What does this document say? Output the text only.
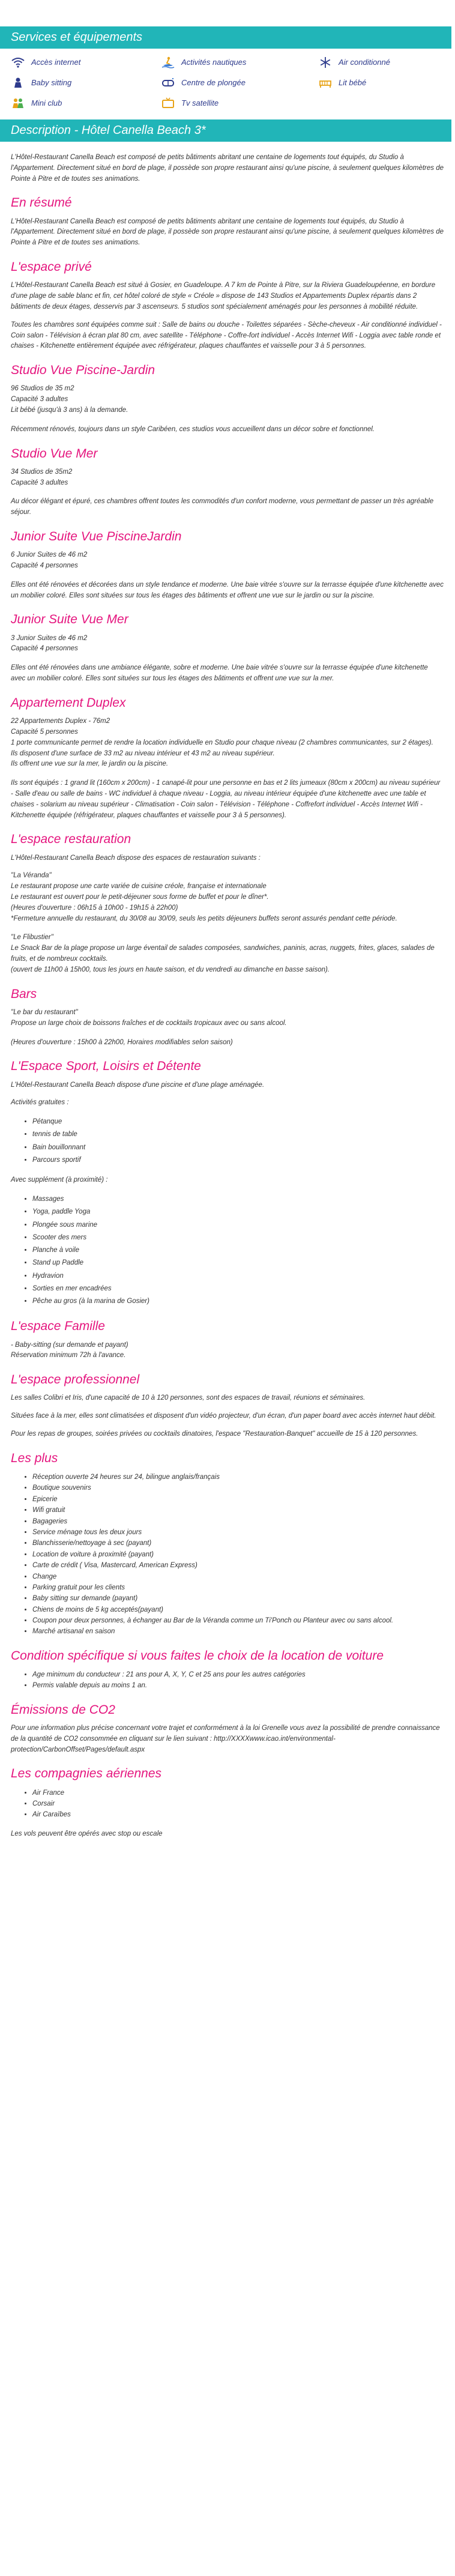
Services et équipements
Accès internet	Activités nautiques	Air conditionné
Baby sitting	Centre de plongée	Lit bébé
Mini club	Tv satellite
Description - Hôtel Canella Beach 3*

L'Hôtel-Restaurant Canella Beach est composé de petits bâtiments abritant une centaine de logements tout équipés, du Studio à l'Appartement. Directement situé en bord de plage, il possède son propre restaurant ainsi qu'une piscine, à seulement quelques kilomètres de Pointe à Pitre et de toutes ses animations.

En résumé

L'Hôtel-Restaurant Canella Beach est composé de petits bâtiments abritant une centaine de logements tout équipés, du Studio à l'Appartement. Directement situé en bord de plage, il possède son propre restaurant ainsi qu'une piscine, à seulement quelques kilomètres de Pointe à Pitre et de toutes ses animations.

L'espace privé

L'Hôtel-Restaurant Canella Beach est situé à Gosier, en Guadeloupe. A 7 km de Pointe à Pitre, sur la Riviera Guadeloupéenne, en bordure d'une plage de sable blanc et fin, cet hôtel coloré de style « Créole » dispose de 143 Studios et Appartements Duplex répartis dans 2 bâtiments de deux étages, desservis par 3 ascenseurs. 5 studios sont spécialement aménagés pour les personnes à mobilité réduite.

Toutes les chambres sont équipées comme suit : Salle de bains ou douche - Toilettes séparées - Sèche-cheveux - Air conditionné individuel - Coin salon - Télévision à écran plat 80 cm, avec satellite - Téléphone - Coffre-fort individuel - Accès Internet Wifi - Loggia avec table ronde et chaises - Kitchenette entièrement équipée avec réfrigérateur, plaques chauffantes et vaisselle pour 3 à 5 personnes.

Studio Vue Piscine-Jardin

96 Studios de 35 m2

Capacité 3 adultes

Lit bébé (jusqu'à 3 ans) à la demande.

Récemment rénovés, toujours dans un style Caribéen, ces studios vous accueillent dans un décor sobre et fonctionnel.

Studio Vue Mer

34 Studios de 35m2

Capacité 3 adultes

Au décor élégant et épuré, ces chambres offrent toutes les commodités d'un confort moderne, vous permettant de passer un très agréable séjour.

Junior Suite Vue PiscineJardin

6 Junior Suites de 46 m2

Capacité 4 personnes

Elles ont été rénovées et décorées dans un style tendance et moderne. Une baie vitrée s'ouvre sur la terrasse équipée d'une kitchenette avec un mobilier coloré. Elles sont situées sur tous les étages des bâtiments et offrent une vue sur le jardin ou sur la piscine.

Junior Suite Vue Mer

3 Junior Suites de 46 m2

Capacité 4 personnes

Elles ont été rénovées dans une ambiance élégante, sobre et moderne. Une baie vitrée s'ouvre sur la terrasse équipée d'une kitchenette avec un mobilier coloré. Elles sont situées sur tous les étages des bâtiments et offrent une vue sur la mer.

Appartement Duplex

22 Appartements Duplex - 76m2

Capacité 5 personnes

1 porte communicante permet de rendre la location individuelle en Studio pour chaque niveau (2 chambres communicantes, sur 2 étages).

Ils disposent d'une surface de 33 m2 au niveau intérieur et 43 m2 au niveau supérieur.

Ils offrent une vue sur la mer, le jardin ou la piscine.

Ils sont équipés : 1 grand lit (160cm x 200cm) - 1 canapé-lit pour une personne en bas et 2 lits jumeaux (80cm x 200cm) au niveau supérieur - Salle d'eau ou salle de bains - WC individuel à chaque niveau - Loggia, au niveau intérieur équipée d'une kitchenette avec une table et chaises - solarium au niveau supérieur - Climatisation - Coin salon - Télévision - Téléphone - Coffrefort individuel - Accès Internet Wifi - Kitchenette équipée (réfrigérateur, plaques chauffantes et vaisselle pour 3 à 5 personnes).

L'espace restauration

L'Hôtel-Restaurant Canella Beach dispose des espaces de restauration suivants :

"La Véranda"

Le restaurant propose une carte variée de cuisine créole, française et internationale

Le restaurant est ouvert pour le petit-déjeuner sous forme de buffet et pour le dîner*.

(Heures d'ouverture : 06h15 à 10h00 - 19h15 à 22h00)

*Fermeture annuelle du restaurant, du 30/08 au 30/09, seuls les petits déjeuners buffets seront assurés pendant cette période.

"Le Flibustier"

Le Snack Bar de la plage propose un large éventail de salades composées, sandwiches, paninis, acras, nuggets, frites, glaces, salades de fruits, et de nombreux cocktails.

(ouvert de 11h00 à 15h00, tous les jours en haute saison, et du vendredi au dimanche en basse saison).

Bars

"Le bar du restaurant"

Propose un large choix de boissons fraîches et de cocktails tropicaux avec ou sans alcool.

(Heures d'ouverture : 15h00 à 22h00, Horaires modifiables selon saison)

L'Espace Sport, Loisirs et Détente

L'Hôtel-Restaurant Canella Beach dispose d'une piscine et d'une plage aménagée.

Activités gratuites :

• Pétanque
• tennis de table
• Bain bouillonnant
• Parcours sportif

Avec supplément (à proximité) :

• Massages
• Yoga, paddle Yoga
• Plongée sous marine
• Scooter des mers
• Planche à voile
• Stand up Paddle
• Hydravion
• Sorties en mer encadrées
• Pêche au gros (à la marina de Gosier)
L'espace Famille

- Baby-sitting (sur demande et payant)

Réservation minimum 72h à l'avance.

L'espace professionnel

Les salles Colibri et Iris, d'une capacité de 10 à 120 personnes, sont des espaces de travail, réunions et séminaires.

Situées face à la mer, elles sont climatisées et disposent d'un vidéo projecteur, d'un écran, d'un paper board avec accès internet haut débit.

Pour les repas de groupes, soirées privées ou cocktails dinatoires, l'espace "Restauration-Banquet" accueille de 15 à 120 personnes.

Les plus
• Réception ouverte 24 heures sur 24, bilingue anglais/français
• Boutique souvenirs
• Epicerie
• Wifi gratuit
• Bagageries
• Service ménage tous les deux jours
• Blanchisserie/nettoyage à sec (payant)
• Location de voiture à proximité (payant)
• Carte de crédit ( Visa, Mastercard, American Express)
• Change
• Parking gratuit pour les clients
• Baby sitting sur demande (payant)
• Chiens de moins de 5 kg acceptés(payant)
• Coupon pour deux personnes, à échanger au Bar de la Véranda comme un Ti'Ponch ou Planteur avec ou sans alcool.
• Marché artisanal en saison
Condition spécifique si vous faites le choix de la location de voiture
• Age minimum du conducteur : 21 ans pour A, X, Y, C et 25 ans pour les autres catégories
• Permis valable depuis au moins 1 an.
Émissions de CO2

Pour une information plus précise concernant votre trajet et conformément à la loi Grenelle vous avez la possibilité de prendre connaissance de la quantité de CO2 consommée en cliquant sur le lien suivant : http://XXXXwww.icao.int/environmental-protection/CarbonOffset/Pages/default.aspx

Les compagnies aériennes
• Air France
• Corsair
• Air Caraïbes

Les vols peuvent être opérés avec stop ou escale
